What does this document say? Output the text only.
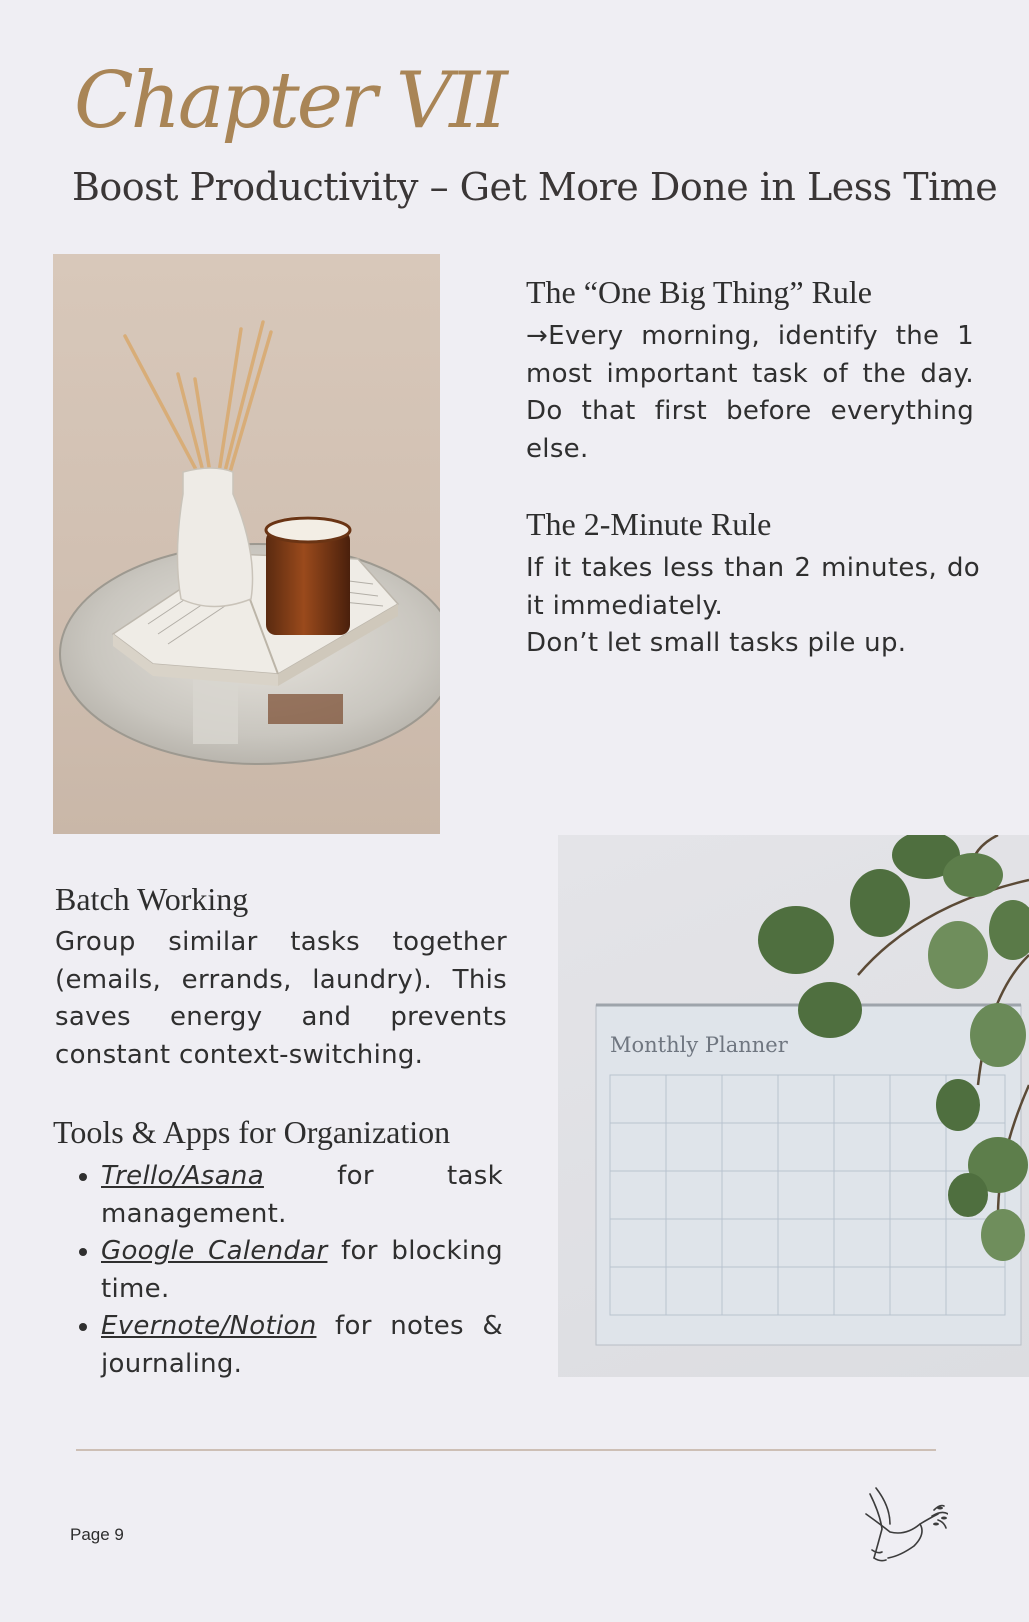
Chapter VII
Boost Productivity – Get More Done in Less Time
The “One Big Thing” Rule
→Every morning, identify the 1 most important task of the day. Do that first before everything else.
The 2-Minute Rule
If it takes less than 2 minutes, do it immediately.
Don’t let small tasks pile up.
Batch Working
Group similar tasks together (emails, errands, laundry). This saves energy and prevents constant context-switching.
Tools & Apps for Organization
• Trello/Asana for task management.
• Google Calendar for blocking time.
• Evernote/Notion for notes & journaling.
Monthly Planner
Page 9
